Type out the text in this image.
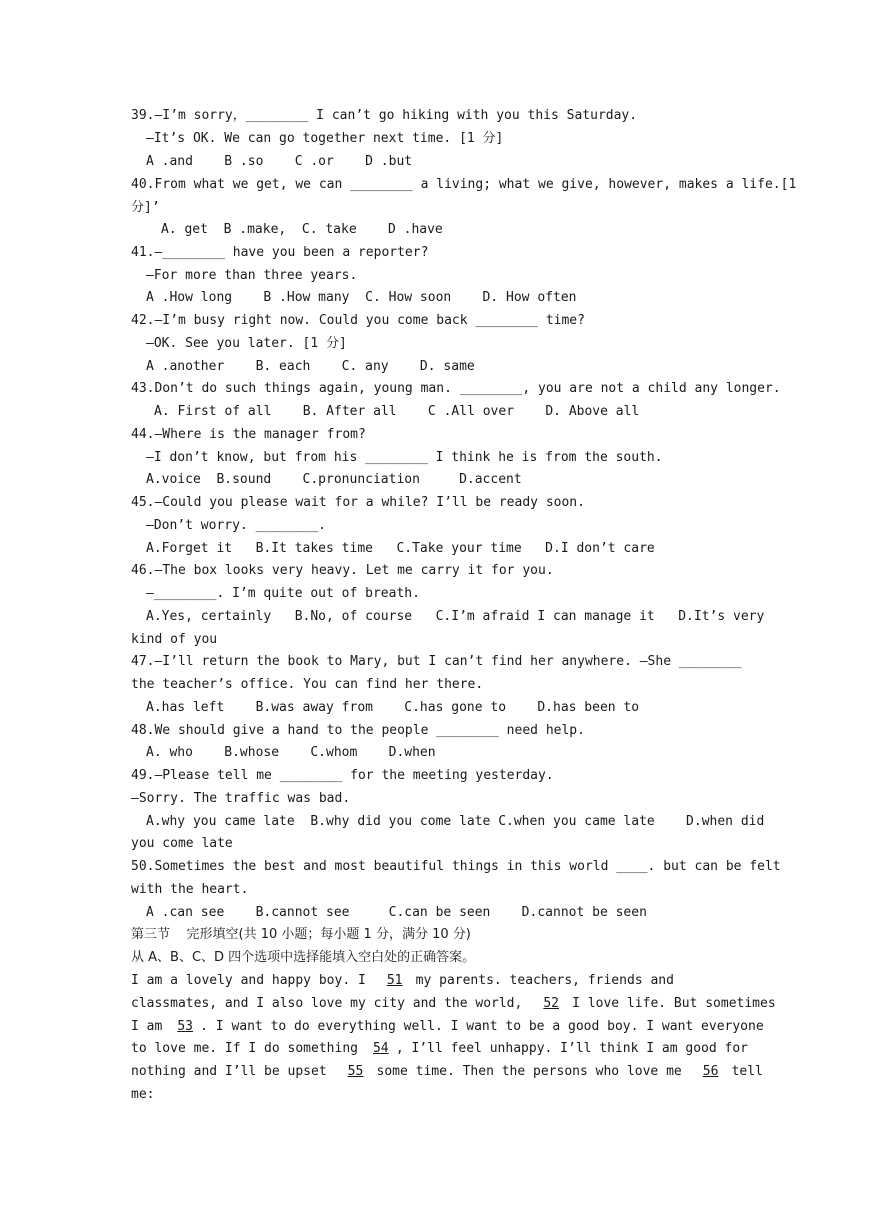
39.—I’m sorry，________ I can’t go hiking with you this Saturday.
—It’s OK. We can go together next time. [1 分]
A .and    B .so    C .or    D .but
40.From what we get, we can ________ a living; what we give, however, makes a life.[1
分]’
A. get  B .make,  C. take    D .have
41.—________ have you been a reporter?
—For more than three years.
A .How long    B .How many  C. How soon    D. How often
42.—I’m busy right now. Could you come back ________ time?
—OK. See you later. [1 分]
A .another    B. each    C. any    D. same
43.Don’t do such things again, young man. ________, you are not a child any longer.
A. First of all    B. After all    C .All over    D. Above all
44.—Where is the manager from?
—I don’t know, but from his ________ I think he is from the south.
A.voice  B.sound    C.pronunciation     D.accent
45.—Could you please wait for a while? I’ll be ready soon.
—Don’t worry. ________.
A.Forget it   B.It takes time   C.Take your time   D.I don’t care
46.—The box looks very heavy. Let me carry it for you.
—________. I’m quite out of breath.
A.Yes, certainly   B.No, of course   C.I’m afraid I can manage it   D.It’s very
kind of you
47.—I’ll return the book to Mary, but I can’t find her anywhere. —She ________
the teacher’s office. You can find her there.
A.has left    B.was away from    C.has gone to    D.has been to
48.We should give a hand to the people ________ need help.
A. who    B.whose    C.whom    D.when
49.—Please tell me ________ for the meeting yesterday.
—Sorry. The traffic was bad.
A.why you came late  B.why did you come late C.when you came late    D.when did
you come late
50.Sometimes the best and most beautiful things in this world ____. but can be felt
with the heart.
A .can see    B.cannot see     C.can be seen    D.cannot be seen
第三节    完形填空(共 10 小题；每小题 1 分，满分 10 分)
从 A、B、C、D 四个选项中选择能填入空白处的正确答案。
I am a lovely and happy boy. I 51 my parents. teachers, friends and
classmates, and I also love my city and the world, 52 I love life. But sometimes
I am 53 . I want to do everything well. I want to be a good boy. I want everyone
to love me. If I do something 54 , I’ll feel unhappy. I’ll think I am good for
nothing and I’ll be upset 55 some time. Then the persons who love me 56 tell
me:
